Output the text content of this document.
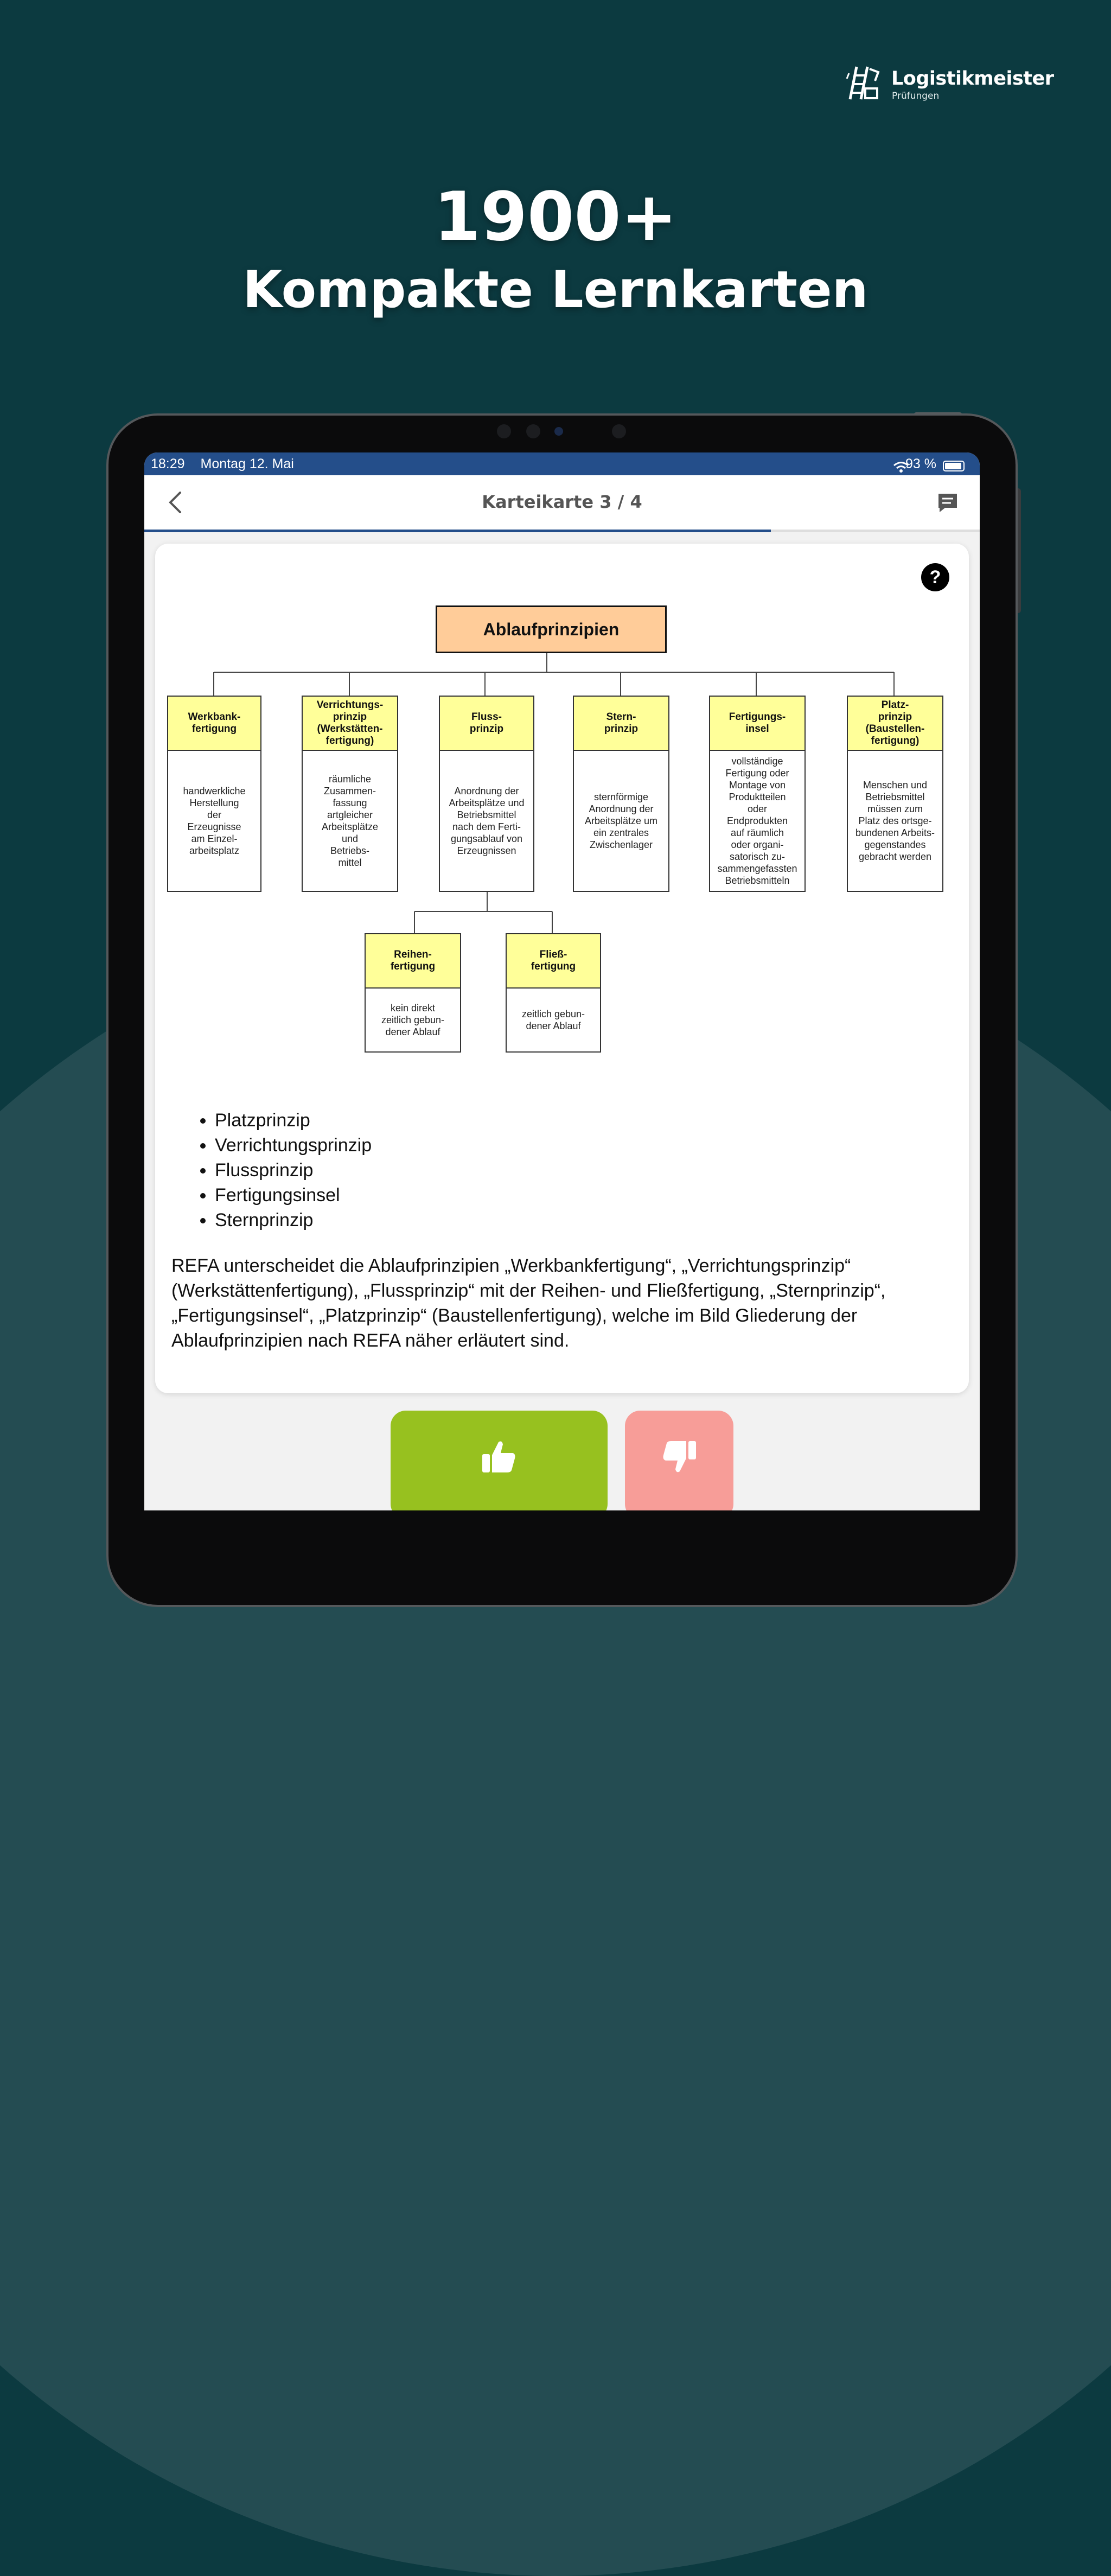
Logistikmeister
Prüfungen
1900+
Kompakte Lernkarten
18:29 Montag 12. Mai	93 %
Karteikarte 3 / 4
?
Ablaufprinzipien
Werkbank-
fertigung
handwerkliche
Herstellung
der
Erzeugnisse
am Einzel-
arbeitsplatz
Verrichtungs-
prinzip
(Werkstätten-
fertigung)
räumliche
Zusammen-
fassung
artgleicher
Arbeitsplätze
und
Betriebs-
mittel
Fluss-
prinzip
Anordnung der
Arbeitsplätze und
Betriebsmittel
nach dem Ferti-
gungsablauf von
Erzeugnissen
Stern-
prinzip
sternförmige
Anordnung der
Arbeitsplätze um
ein zentrales
Zwischenlager
Fertigungs-
insel
vollständige
Fertigung oder
Montage von
Produktteilen
oder
Endprodukten
auf räumlich
oder organi-
satorisch zu-
sammengefassten
Betriebsmitteln
Platz-
prinzip
(Baustellen-
fertigung)
Menschen und
Betriebsmittel
müssen zum
Platz des ortsge-
bundenen Arbeits-
gegenstandes
gebracht werden
Reihen-
fertigung
kein direkt
zeitlich gebun-
dener Ablauf
Fließ-
fertigung
zeitlich gebun-
dener Ablauf
• Platzprinzip
• Verrichtungsprinzip
• Flussprinzip
• Fertigungsinsel
• Sternprinzip

REFA unterscheidet die Ablaufprinzipien „Werkbankfertigung“, „Verrichtungsprinzip“ (Werkstättenfertigung), „Flussprinzip“ mit der Reihen- und Fließfertigung, „Sternprinzip“, „Fertigungsinsel“, „Platzprinzip“ (Baustellenfertigung), welche im Bild Gliederung der Ablaufprinzipien nach REFA näher erläutert sind.
